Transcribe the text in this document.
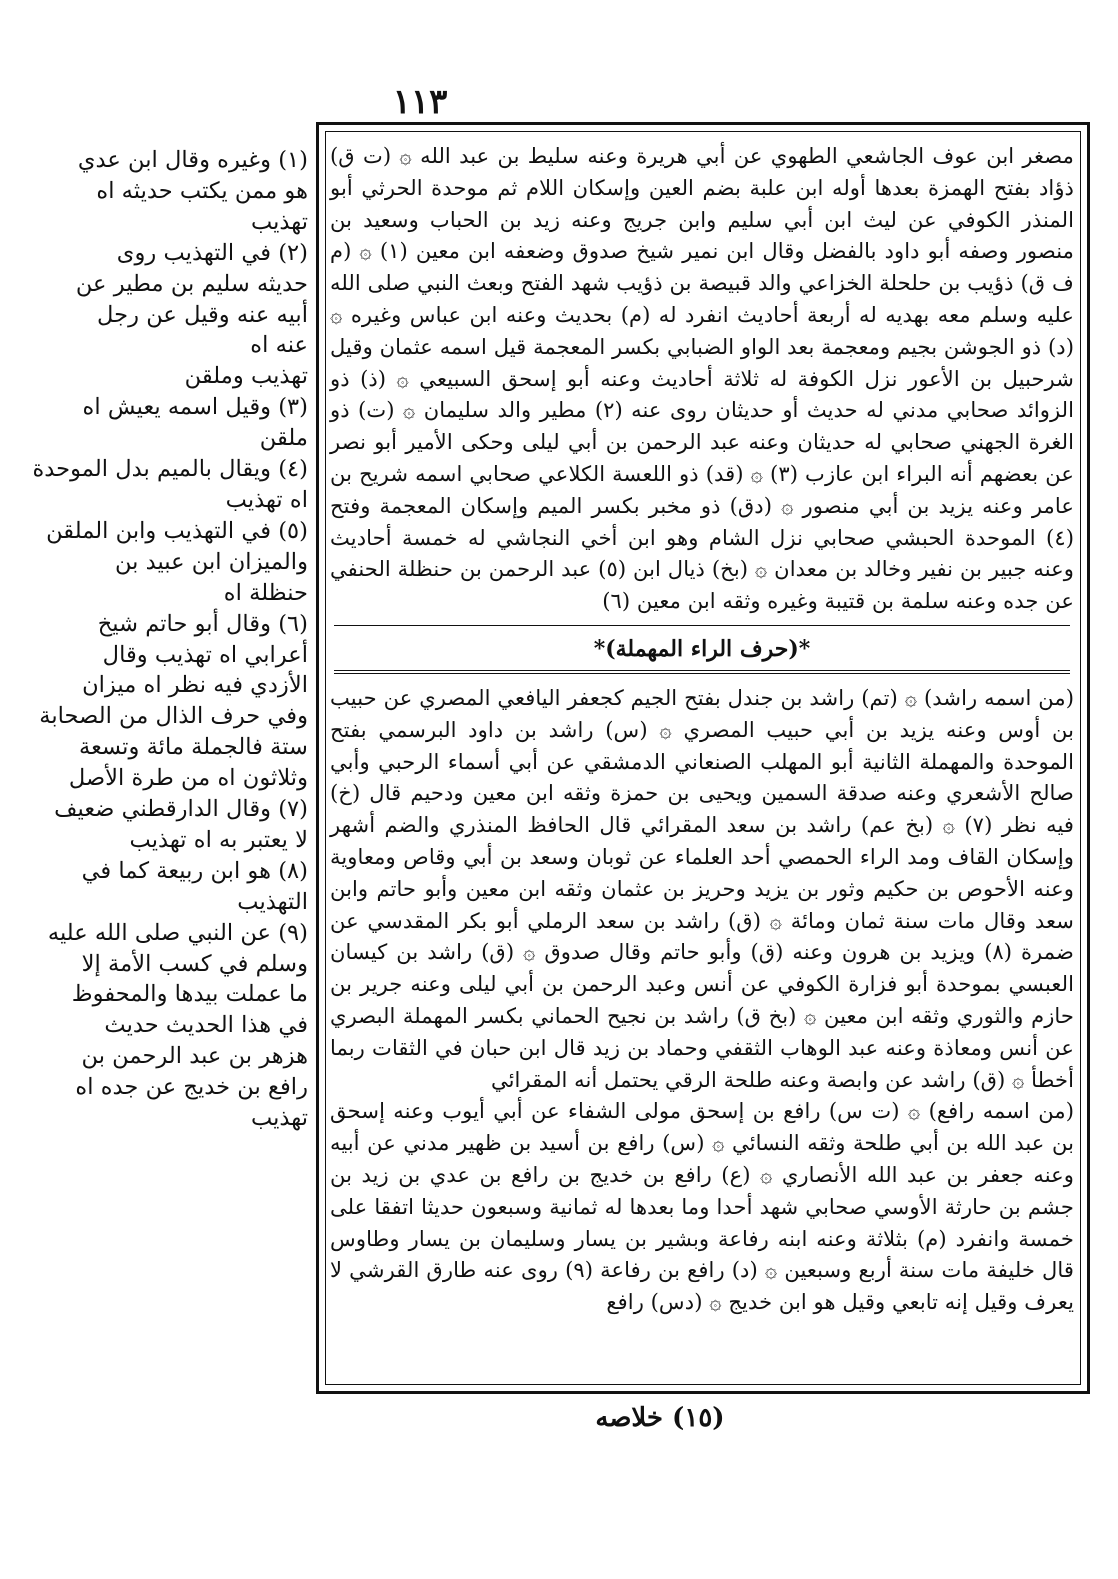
١١٣

مصغر ابن عوف الجاشعي الطهوي عن أبي هريرة وعنه سليط بن عبد الله ۞ (ت ق) ذؤاد بفتح الهمزة بعدها أوله ابن علبة بضم العين وإسكان اللام ثم موحدة الحرثي أبو المنذر الكوفي عن ليث ابن أبي سليم وابن جريج وعنه زيد بن الحباب وسعيد بن منصور وصفه أبو داود بالفضل وقال ابن نمير شيخ صدوق وضعفه ابن معين (١) ۞ (م ف ق) ذؤيب بن حلحلة الخزاعي والد قبيصة بن ذؤيب شهد الفتح وبعث النبي صلى الله عليه وسلم معه بهديه له أربعة أحاديث انفرد له (م) بحديث وعنه ابن عباس وغيره ۞ (د) ذو الجوشن بجيم ومعجمة بعد الواو الضبابي بكسر المعجمة قيل اسمه عثمان وقيل شرحبيل بن الأعور نزل الكوفة له ثلاثة أحاديث وعنه أبو إسحق السبيعي ۞ (ذ) ذو الزوائد صحابي مدني له حديث أو حديثان روى عنه (٢) مطير والد سليمان ۞ (ت) ذو الغرة الجهني صحابي له حديثان وعنه عبد الرحمن بن أبي ليلى وحكى الأمير أبو نصر عن بعضهم أنه البراء ابن عازب (٣) ۞ (قد) ذو اللعسة الكلاعي صحابي اسمه شريح بن عامر وعنه يزيد بن أبي منصور ۞ (دق) ذو مخبر بكسر الميم وإسكان المعجمة وفتح (٤) الموحدة الحبشي صحابي نزل الشام وهو ابن أخي النجاشي له خمسة أحاديث وعنه جبير بن نفير وخالد بن معدان ۞ (بخ) ذيال ابن (٥) عبد الرحمن بن حنظلة الحنفي عن جده وعنه سلمة بن قتيبة وغيره وثقه ابن معين (٦)

*(حرف الراء المهملة)*

(من اسمه راشد) ۞ (تم) راشد بن جندل بفتح الجيم كجعفر اليافعي المصري عن حبيب بن أوس وعنه يزيد بن أبي حبيب المصري ۞ (س) راشد بن داود البرسمي بفتح الموحدة والمهملة الثانية أبو المهلب الصنعاني الدمشقي عن أبي أسماء الرحبي وأبي صالح الأشعري وعنه صدقة السمين ويحيى بن حمزة وثقه ابن معين ودحيم قال (خ) فيه نظر (٧) ۞ (بخ عم) راشد بن سعد المقرائي قال الحافظ المنذري والضم أشهر وإسكان القاف ومد الراء الحمصي أحد العلماء عن ثوبان وسعد بن أبي وقاص ومعاوية وعنه الأحوص بن حكيم وثور بن يزيد وحريز بن عثمان وثقه ابن معين وأبو حاتم وابن سعد وقال مات سنة ثمان ومائة ۞ (ق) راشد بن سعد الرملي أبو بكر المقدسي عن ضمرة (٨) ويزيد بن هرون وعنه (ق) وأبو حاتم وقال صدوق ۞ (ق) راشد بن كيسان العبسي بموحدة أبو فزارة الكوفي عن أنس وعبد الرحمن بن أبي ليلى وعنه جرير بن حازم والثوري وثقه ابن معين ۞ (بخ ق) راشد بن نجيح الحماني بكسر المهملة البصري عن أنس ومعاذة وعنه عبد الوهاب الثقفي وحماد بن زيد قال ابن حبان في الثقات ربما أخطأ ۞ (ق) راشد عن وابصة وعنه طلحة الرقي يحتمل أنه المقرائي

(من اسمه رافع) ۞ (ت س) رافع بن إسحق مولى الشفاء عن أبي أيوب وعنه إسحق بن عبد الله بن أبي طلحة وثقه النسائي ۞ (س) رافع بن أسيد بن ظهير مدني عن أبيه وعنه جعفر بن عبد الله الأنصاري ۞ (ع) رافع بن خديج بن رافع بن عدي بن زيد بن جشم بن حارثة الأوسي صحابي شهد أحدا وما بعدها له ثمانية وسبعون حديثا اتفقا على خمسة وانفرد (م) بثلاثة وعنه ابنه رفاعة وبشير بن يسار وسليمان بن يسار وطاوس قال خليفة مات سنة أربع وسبعين ۞ (د) رافع بن رفاعة (٩) روى عنه طارق القرشي لا يعرف وقيل إنه تابعي وقيل هو ابن خديج ۞ (دس) رافع

(١٥) خلاصه

(١) وغيره وقال ابن عدي

هو ممن يكتب حديثه اه

تهذيب

(٢) في التهذيب روى

حديثه سليم بن مطير عن

أبيه عنه وقيل عن رجل

عنه اه

تهذيب وملقن

(٣) وقيل اسمه يعيش اه

ملقن

(٤) ويقال بالميم بدل الموحدة

اه تهذيب

(٥) في التهذيب وابن الملقن

والميزان ابن عبيد بن

حنظلة اه

(٦) وقال أبو حاتم شيخ

أعرابي اه تهذيب وقال

الأزدي فيه نظر اه ميزان

وفي حرف الذال من الصحابة

ستة فالجملة مائة وتسعة

وثلاثون اه من طرة الأصل

(٧) وقال الدارقطني ضعيف

لا يعتبر به اه تهذيب

(٨) هو ابن ربيعة كما في

التهذيب

(٩) عن النبي صلى الله عليه

وسلم في كسب الأمة إلا

ما عملت بيدها والمحفوظ

في هذا الحديث حديث

هزهر بن عبد الرحمن بن

رافع بن خديج عن جده اه

تهذيب
